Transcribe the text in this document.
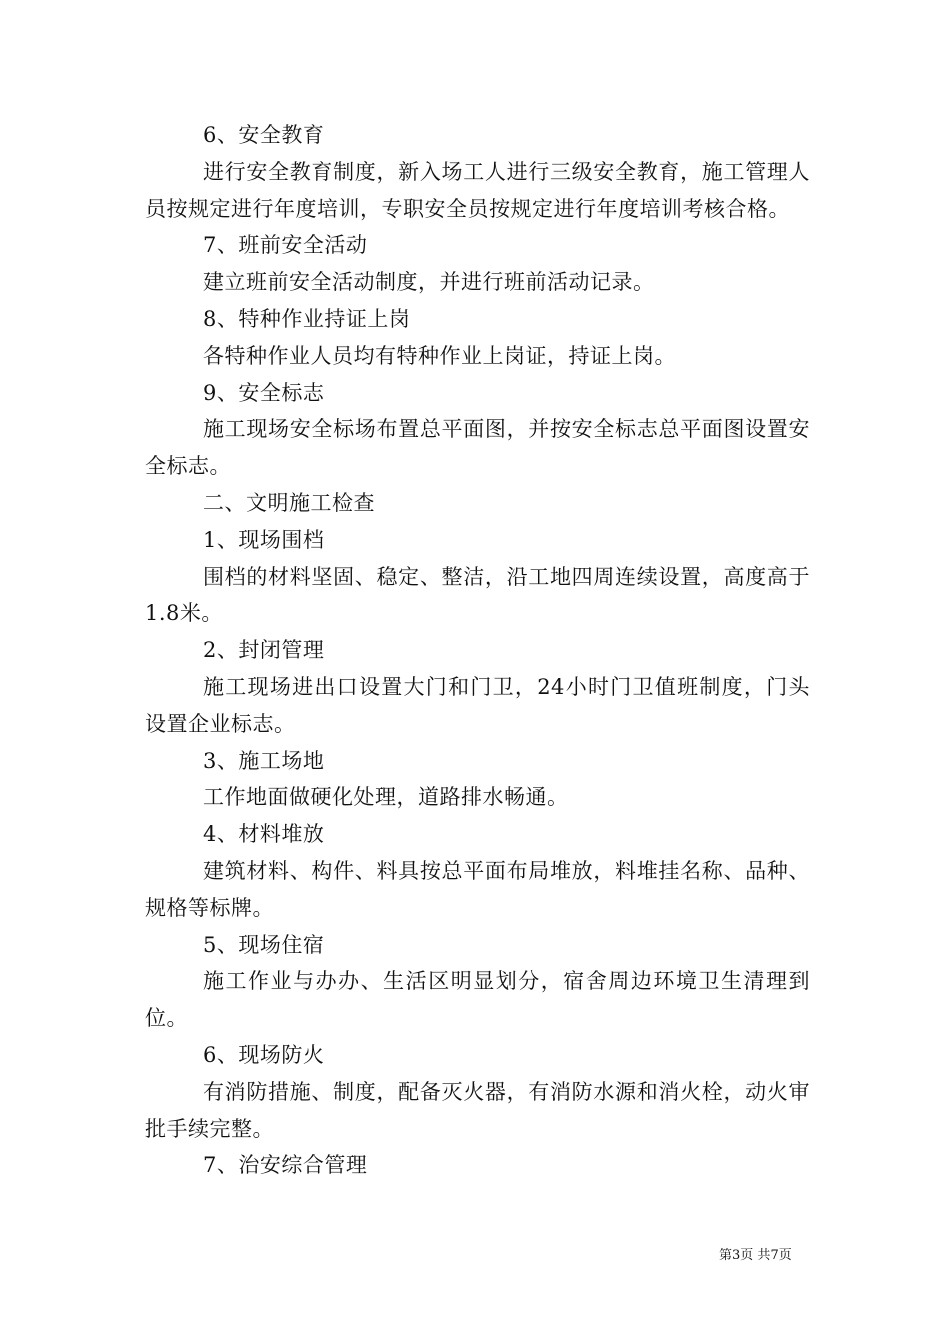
6、安全教育

进行安全教育制度，新入场工人进行三级安全教育，施工管理人员按规定进行年度培训，专职安全员按规定进行年度培训考核合格。

7、班前安全活动

建立班前安全活动制度，并进行班前活动记录。

8、特种作业持证上岗

各特种作业人员均有特种作业上岗证，持证上岗。

9、安全标志

施工现场安全标场布置总平面图，并按安全标志总平面图设置安全标志。

二、文明施工检查

1、现场围档

围档的材料坚固、稳定、整洁，沿工地四周连续设置，高度高于1.8米。

2、封闭管理

施工现场进出口设置大门和门卫，24小时门卫值班制度，门头设置企业标志。

3、施工场地

工作地面做硬化处理，道路排水畅通。

4、材料堆放

建筑材料、构件、料具按总平面布局堆放，料堆挂名称、品种、规格等标牌。

5、现场住宿

施工作业与办办、生活区明显划分，宿舍周边环境卫生清理到位。

6、现场防火

有消防措施、制度，配备灭火器，有消防水源和消火栓，动火审批手续完整。

7、治安综合管理

第3页 共7页
